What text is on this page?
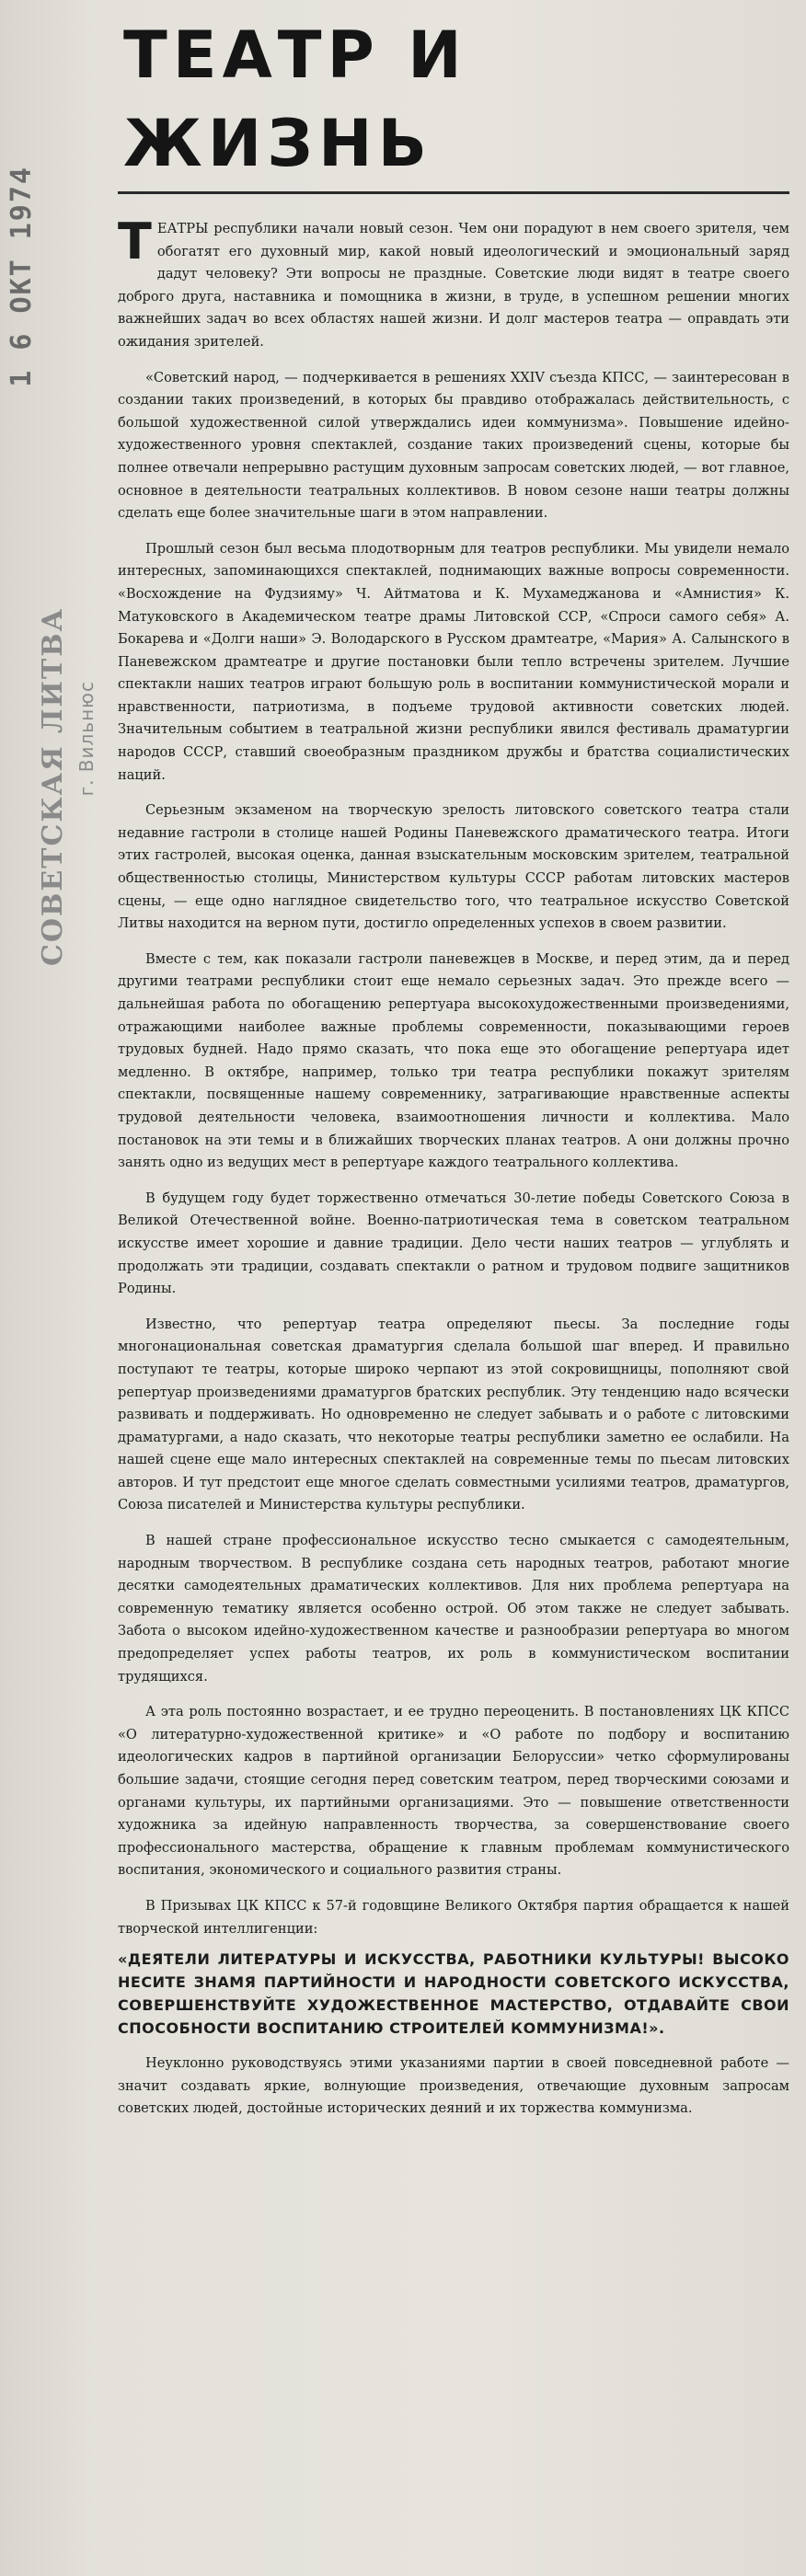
1 6 ОКТ 1974
СОВЕТСКАЯ ЛИТВА г. Вильнюс
ТЕАТР И ЖИЗНЬ

ТЕАТРЫ республики начали новый сезон. Чем они порадуют в нем своего зрителя, чем обогатят его духовный мир, какой новый идеологический и эмоциональный заряд дадут человеку? Эти вопросы не праздные. Советские люди видят в театре своего доброго друга, наставника и помощника в жизни, в труде, в успешном решении многих важнейших задач во всех областях нашей жизни. И долг мастеров театра — оправдать эти ожидания зрителей.

«Советский народ, — подчеркивается в решениях XXIV съезда КПСС, — заинтересован в создании таких произведений, в которых бы правдиво отображалась действительность, с большой художественной силой утверждались идеи коммунизма». Повышение идейно-художественного уровня спектаклей, создание таких произведений сцены, которые бы полнее отвечали непрерывно растущим духовным запросам советских людей, — вот главное, основное в деятельности театральных коллективов. В новом сезоне наши театры должны сделать еще более значительные шаги в этом направлении.

Прошлый сезон был весьма плодотворным для театров республики. Мы увидели немало интересных, запоминающихся спектаклей, поднимающих важные вопросы современности. «Восхождение на Фудзияму» Ч. Айтматова и К. Мухамеджанова и «Амнистия» К. Матуковского в Академическом театре драмы Литовской ССР, «Спроси самого себя» А. Бокарева и «Долги наши» Э. Володарского в Русском драмтеатре, «Мария» А. Салынского в Паневежском драмтеатре и другие постановки были тепло встречены зрителем. Лучшие спектакли наших театров играют большую роль в воспитании коммунистической морали и нравственности, патриотизма, в подъеме трудовой активности советских людей. Значительным событием в театральной жизни республики явился фестиваль драматургии народов СССР, ставший своеобразным праздником дружбы и братства социалистических наций.

Серьезным экзаменом на творческую зрелость литовского советского театра стали недавние гастроли в столице нашей Родины Паневежского драматического театра. Итоги этих гастролей, высокая оценка, данная взыскательным московским зрителем, театральной общественностью столицы, Министерством культуры СССР работам литовских мастеров сцены, — еще одно наглядное свидетельство того, что театральное искусство Советской Литвы находится на верном пути, достигло определенных успехов в своем развитии.

Вместе с тем, как показали гастроли паневежцев в Москве, и перед этим, да и перед другими театрами республики стоит еще немало серьезных задач. Это прежде всего — дальнейшая работа по обогащению репертуара высокохудожественными произведениями, отражающими наиболее важные проблемы современности, показывающими героев трудовых будней. Надо прямо сказать, что пока еще это обогащение репертуара идет медленно. В октябре, например, только три театра республики покажут зрителям спектакли, посвященные нашему современнику, затрагивающие нравственные аспекты трудовой деятельности человека, взаимоотношения личности и коллектива. Мало постановок на эти темы и в ближайших творческих планах театров. А они должны прочно занять одно из ведущих мест в репертуаре каждого театрального коллектива.

В будущем году будет торжественно отмечаться 30-летие победы Советского Союза в Великой Отечественной войне. Военно-патриотическая тема в советском театральном искусстве имеет хорошие и давние традиции. Дело чести наших театров — углублять и продолжать эти традиции, создавать спектакли о ратном и трудовом подвиге защитников Родины.

Известно, что репертуар театра определяют пьесы. За последние годы многонациональная советская драматургия сделала большой шаг вперед. И правильно поступают те театры, которые широко черпают из этой сокровищницы, пополняют свой репертуар произведениями драматургов братских республик. Эту тенденцию надо всячески развивать и поддерживать. Но одновременно не следует забывать и о работе с литовскими драматургами, а надо сказать, что некоторые театры республики заметно ее ослабили. На нашей сцене еще мало интересных спектаклей на современные темы по пьесам литовских авторов. И тут предстоит еще многое сделать совместными усилиями театров, драматургов, Союза писателей и Министерства культуры республики.

В нашей стране профессиональное искусство тесно смыкается с самодеятельным, народным творчеством. В республике создана сеть народных театров, работают многие десятки самодеятельных драматических коллективов. Для них проблема репертуара на современную тематику является особенно острой. Об этом также не следует забывать. Забота о высоком идейно-художественном качестве и разнообразии репертуара во многом предопределяет успех работы театров, их роль в коммунистическом воспитании трудящихся.

А эта роль постоянно возрастает, и ее трудно переоценить. В постановлениях ЦК КПСС «О литературно-художественной критике» и «О работе по подбору и воспитанию идеологических кадров в партийной организации Белоруссии» четко сформулированы большие задачи, стоящие сегодня перед советским театром, перед творческими союзами и органами культуры, их партийными организациями. Это — повышение ответственности художника за идейную направленность творчества, за совершенствование своего профессионального мастерства, обращение к главным проблемам коммунистического воспитания, экономического и социального развития страны.

В Призывах ЦК КПСС к 57-й годовщине Великого Октября партия обращается к нашей творческой интеллигенции:

«ДЕЯТЕЛИ ЛИТЕРАТУРЫ И ИСКУССТВА, РАБОТНИКИ КУЛЬТУРЫ! ВЫСОКО НЕСИТЕ ЗНАМЯ ПАРТИЙНОСТИ И НАРОДНОСТИ СОВЕТСКОГО ИСКУССТВА, СОВЕРШЕНСТВУЙТЕ ХУДОЖЕСТВЕННОЕ МАСТЕРСТВО, ОТДАВАЙТЕ СВОИ СПОСОБНОСТИ ВОСПИТАНИЮ СТРОИТЕЛЕЙ КОММУНИЗМА!».

Неуклонно руководствуясь этими указаниями партии в своей повседневной работе — значит создавать яркие, волнующие произведения, отвечающие духовным запросам советских людей, достойные исторических деяний и их торжества коммунизма.
